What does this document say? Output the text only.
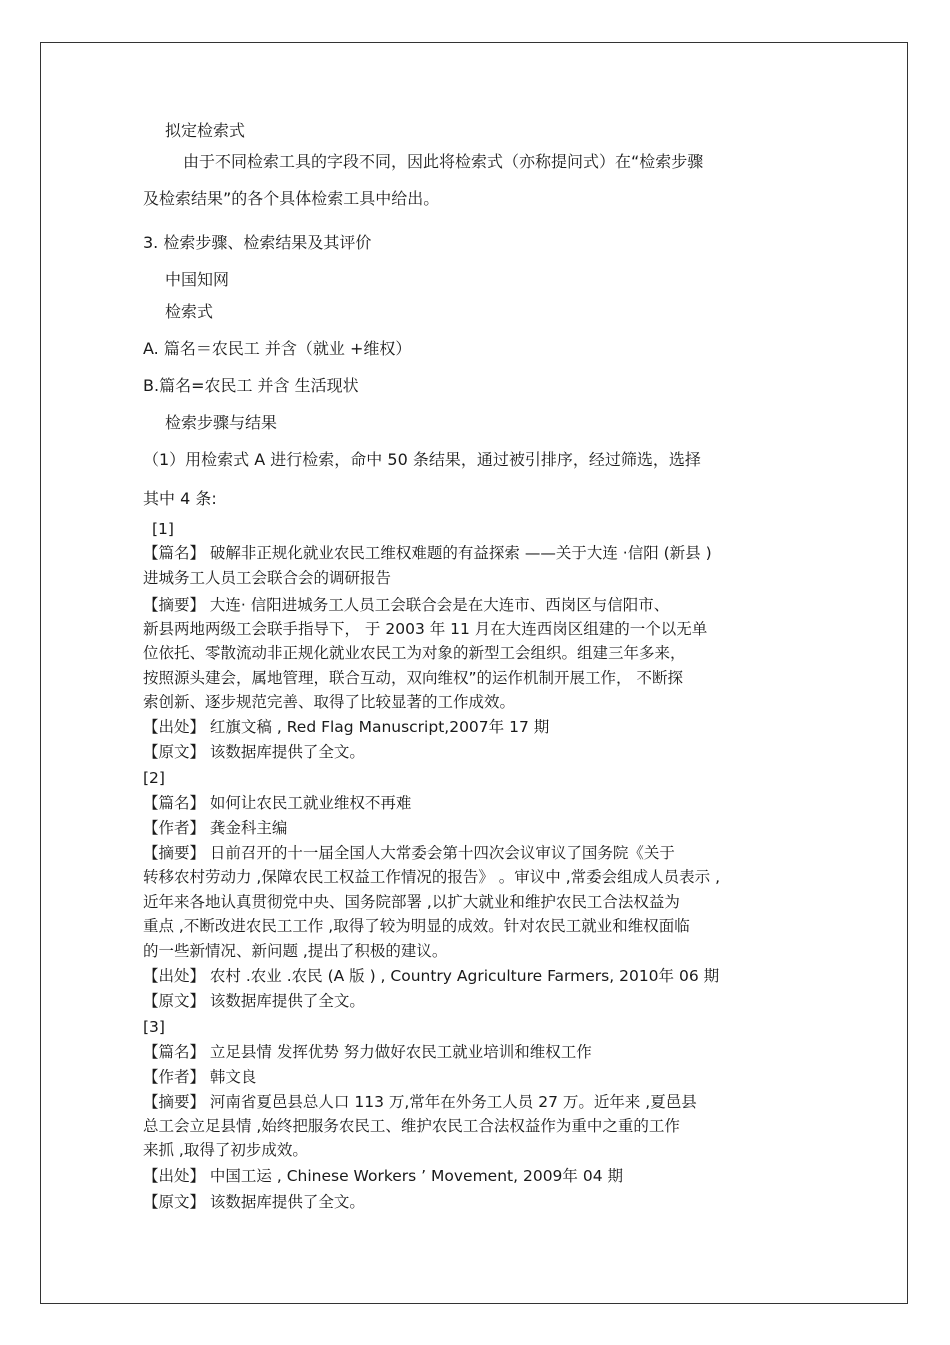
拟定检索式
由于不同检索工具的字段不同，因此将检索式（亦称提问式）在“检索步骤
及检索结果”的各个具体检索工具中给出。
3. 检索步骤、检索结果及其评价
中国知网
检索式
A. 篇名＝农民工 并含（就业 +维权）
B.篇名=农民工 并含 生活现状
检索步骤与结果
（1）用检索式 A 进行检索，命中 50 条结果，通过被引排序，经过筛选，选择
其中 4 条:
[1]
【篇名】 破解非正规化就业农民工维权难题的有益探索 ——关于大连 ·信阳 (新县 )
进城务工人员工会联合会的调研报告
【摘要】 大连· 信阳进城务工人员工会联合会是在大连市、西岗区与信阳市、
新县两地两级工会联手指导下， 于 2003 年 11 月在大连西岗区组建的一个以无单
位依托、零散流动非正规化就业农民工为对象的新型工会组织。组建三年多来，
按照源头建会，属地管理，联合互动，双向维权”的运作机制开展工作， 不断探
索创新、逐步规范完善、取得了比较显著的工作成效。
【出处】 红旗文稿 , Red Flag Manuscript,2007年 17 期
【原文】 该数据库提供了全文。
[2]
【篇名】 如何让农民工就业维权不再难
【作者】 龚金科主编
【摘要】 日前召开的十一届全国人大常委会第十四次会议审议了国务院《关于
转移农村劳动力 ,保障农民工权益工作情况的报告》 。审议中 ,常委会组成人员表示 ,
近年来各地认真贯彻党中央、国务院部署 ,以扩大就业和维护农民工合法权益为
重点 ,不断改进农民工工作 ,取得了较为明显的成效。针对农民工就业和维权面临
的一些新情况、新问题 ,提出了积极的建议。
【出处】 农村 .农业 .农民 (A 版 ) , Country Agriculture Farmers, 2010年 06 期
【原文】 该数据库提供了全文。
[3]
【篇名】 立足县情 发挥优势 努力做好农民工就业培训和维权工作
【作者】 韩文良
【摘要】 河南省夏邑县总人口 113 万,常年在外务工人员 27 万。近年来 ,夏邑县
总工会立足县情 ,始终把服务农民工、维护农民工合法权益作为重中之重的工作
来抓 ,取得了初步成效。
【出处】 中国工运 , Chinese Workers ’ Movement, 2009年 04 期
【原文】 该数据库提供了全文。
